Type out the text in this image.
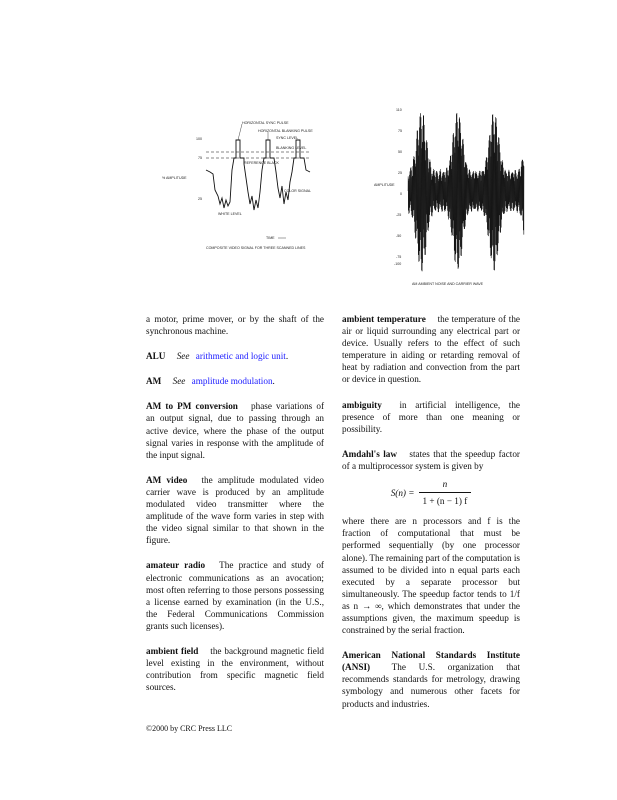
100
75
25
% AMPLITUDE
HORIZONTAL SYNC PULSE
HORIZONTAL BLANKING PULSE
SYNC LEVEL
BLANKING LEVEL
REFERENCE BLACK
COLOR SIGNAL
WHITE LEVEL
TIME
COMPOSITE VIDEO SIGNAL FOR THREE SCANNED LINES
110
75
50
25
0
-25
-50
-75
-100
AMPLITUDE
AM AMBIENT NOISE AND CARRIER WAVE

a motor, prime mover, or by the shaft of the synchronous machine.

ALU See arithmetic and logic unit.

AM See amplitude modulation.

AM to PM conversion phase variations of an output signal, due to passing through an active device, where the phase of the output signal varies in response with the amplitude of the input signal.

AM video the amplitude modulated video carrier wave is produced by an amplitude modulated video transmitter where the amplitude of the wave form varies in step with the video signal similar to that shown in the figure.

amateur radio The practice and study of electronic communications as an avocation; most often referring to those persons possessing a license earned by examination (in the U.S., the Federal Communications Commission grants such licenses).

ambient field the background magnetic field level existing in the environment, without contribution from specific magnetic field sources.

ambient temperature the temperature of the air or liquid surrounding any electrical part or device. Usually refers to the effect of such temperature in aiding or retarding removal of heat by radiation and convection from the part or device in question.

ambiguity in artificial intelligence, the presence of more than one meaning or possibility.

Amdahl's law states that the speedup factor of a multiprocessor system is given by
$S(n) = \frac{n}{1 + (n - 1) f}$
where there are n processors and f is the fraction of computational that must be performed sequentially (by one processor alone). The remaining part of the computation is assumed to be divided into n equal parts each executed by a separate processor but simultaneously. The speedup factor tends to 1/f as n → ∞, which demonstrates that under the assumptions given, the maximum speedup is constrained by the serial fraction.

American National Standards Institute (ANSI) The U.S. organization that recommends standards for metrology, drawing symbology and numerous other facets for products and industries.

©2000 by CRC Press LLC
